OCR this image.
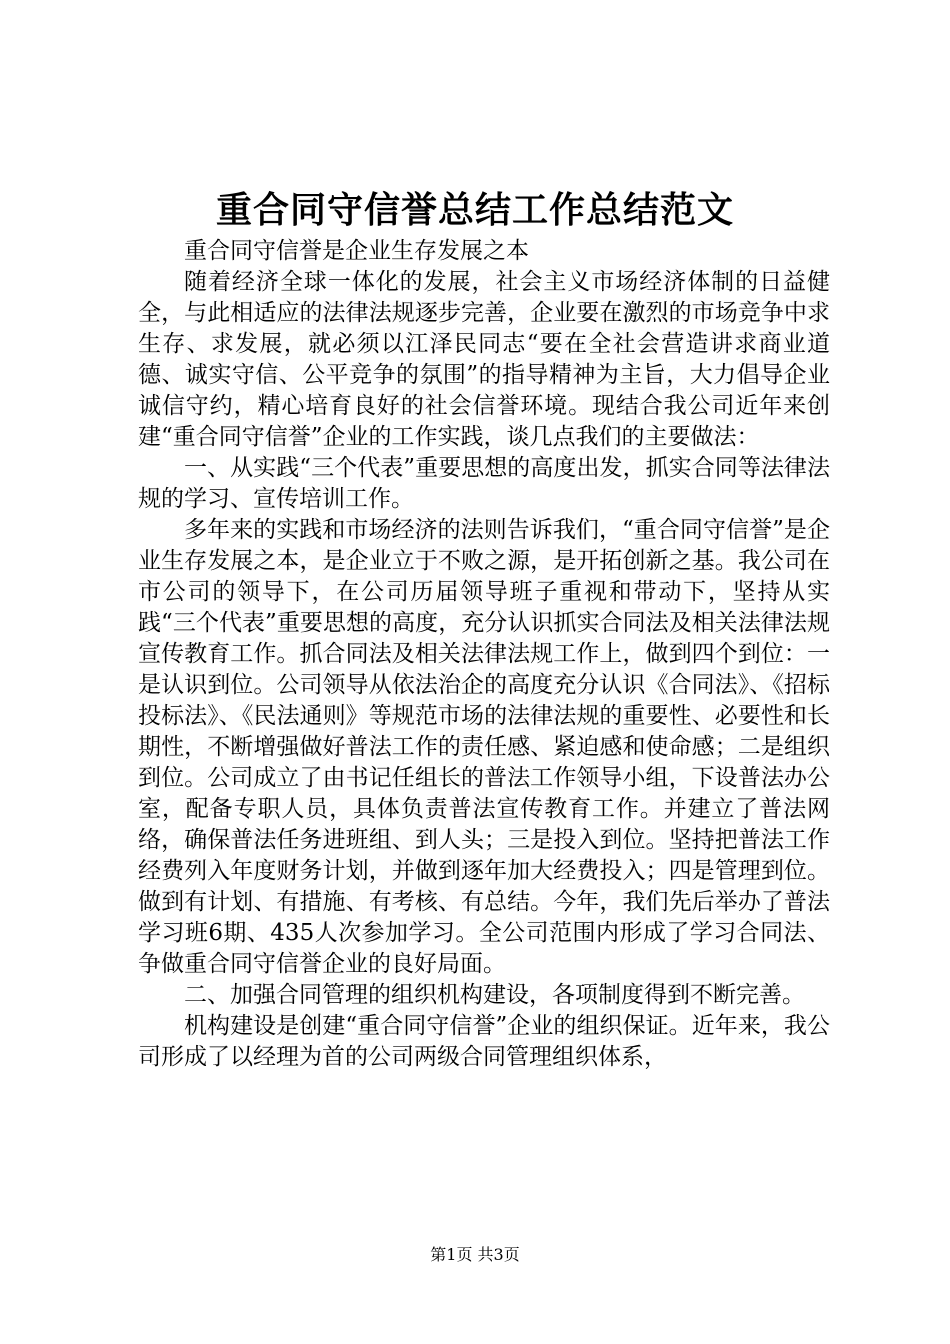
重合同守信誉总结工作总结范文

重合同守信誉是企业生存发展之本

随着经济全球一体化的发展，社会主义市场经济体制的日益健全，与此相适应的法律法规逐步完善，企业要在激烈的市场竞争中求生存、求发展，就必须以江泽民同志“要在全社会营造讲求商业道德、诚实守信、公平竞争的氛围”的指导精神为主旨，大力倡导企业诚信守约，精心培育良好的社会信誉环境。现结合我公司近年来创建“重合同守信誉”企业的工作实践，谈几点我们的主要做法：

一、从实践“三个代表”重要思想的高度出发，抓实合同等法律法规的学习、宣传培训工作。

多年来的实践和市场经济的法则告诉我们，“重合同守信誉”是企业生存发展之本，是企业立于不败之源，是开拓创新之基。我公司在市公司的领导下，在公司历届领导班子重视和带动下，坚持从实践“三个代表”重要思想的高度，充分认识抓实合同法及相关法律法规宣传教育工作。抓合同法及相关法律法规工作上，做到四个到位：一是认识到位。公司领导从依法治企的高度充分认识《合同法》、《招标投标法》、《民法通则》等规范市场的法律法规的重要性、必要性和长期性，不断增强做好普法工作的责任感、紧迫感和使命感；二是组织到位。公司成立了由书记任组长的普法工作领导小组，下设普法办公室，配备专职人员，具体负责普法宣传教育工作。并建立了普法网络，确保普法任务进班组、到人头；三是投入到位。坚持把普法工作经费列入年度财务计划，并做到逐年加大经费投入；四是管理到位。做到有计划、有措施、有考核、有总结。今年，我们先后举办了普法学习班6期、435人次参加学习。全公司范围内形成了学习合同法、争做重合同守信誉企业的良好局面。

二、加强合同管理的组织机构建设，各项制度得到不断完善。

机构建设是创建“重合同守信誉”企业的组织保证。近年来，我公司形成了以经理为首的公司两级合同管理组织体系，

第1页 共3页
